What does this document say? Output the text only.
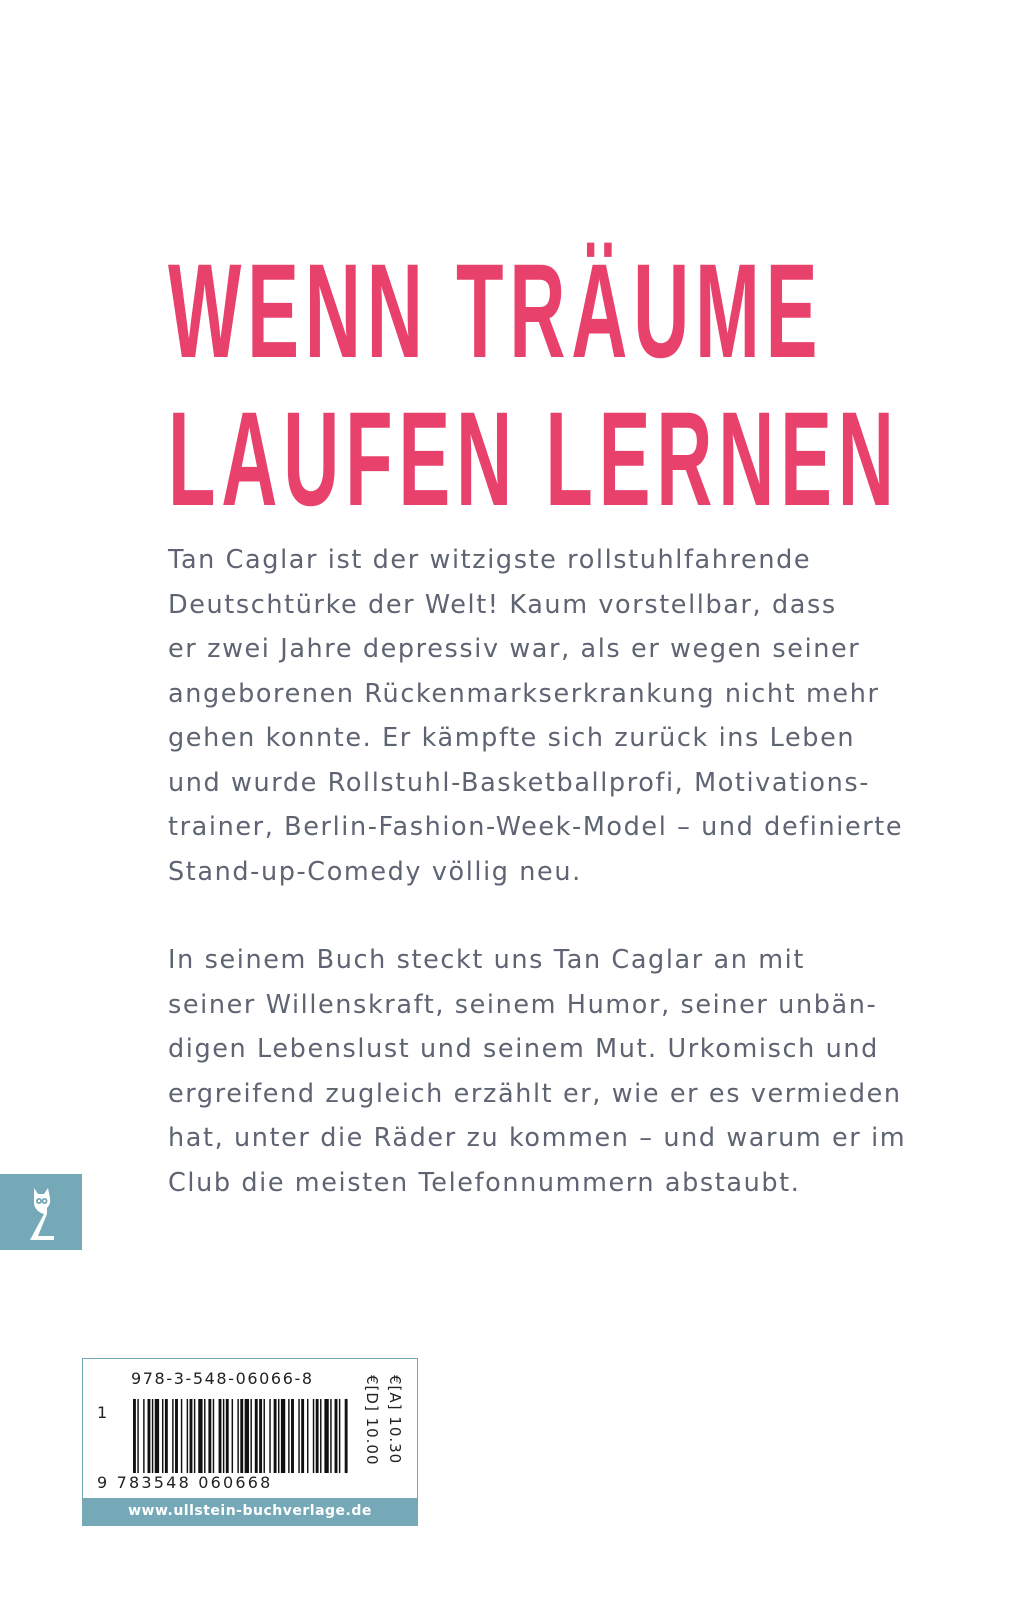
WENN TRÄUME
LAUFEN LERNEN
Tan Caglar ist der witzigste rollstuhlfahrende
Deutschtürke der Welt! Kaum vorstellbar, dass
er zwei Jahre depressiv war, als er wegen seiner
angeborenen Rückenmarkserkrankung nicht mehr
gehen konnte. Er kämpfte sich zurück ins Leben
und wurde Rollstuhl-Basketballprofi, Motivations-
trainer, Berlin-Fashion-Week-Model – und definierte
Stand-up-Comedy völlig neu.
In seinem Buch steckt uns Tan Caglar an mit
seiner Willenskraft, seinem Humor, seiner unbän-
digen Lebenslust und seinem Mut. Urkomisch und
ergreifend zugleich erzählt er, wie er es vermieden
hat, unter die Räder zu kommen – und warum er im
Club die meisten Telefonnummern abstaubt.
978-3-548-06066-8
1
9 783548 060668
€[D] 10.00 €[A] 10.30
www.ullstein-buchverlage.de
